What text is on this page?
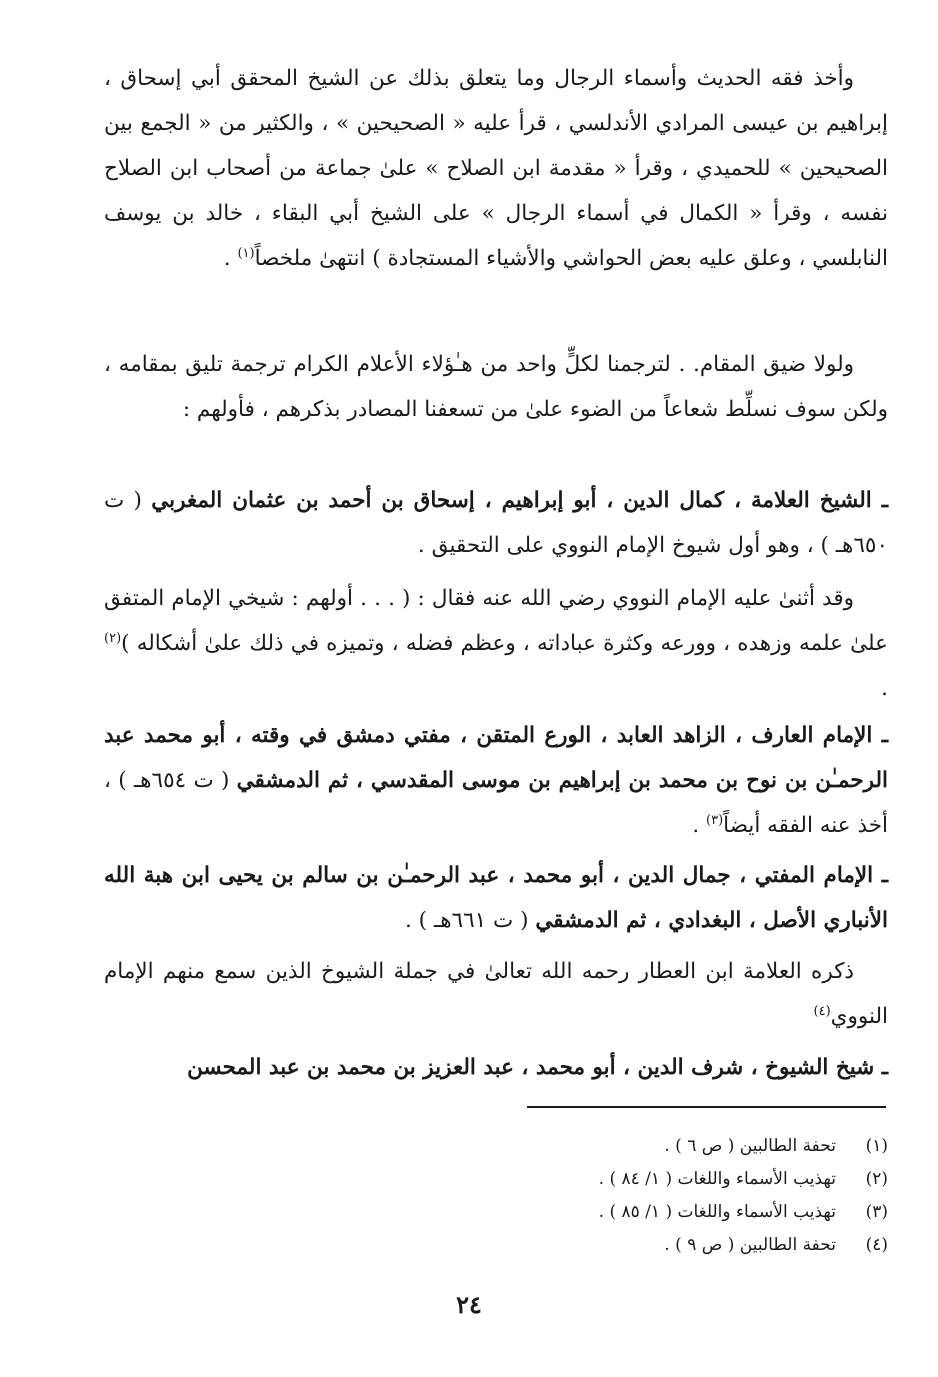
وأخذ فقه الحديث وأسماء الرجال وما يتعلق بذلك عن الشيخ المحقق أبي إسحاق ، إبراهيم بن عيسى المرادي الأندلسي ، قرأ عليه « الصحيحين » ، والكثير من « الجمع بين الصحيحين » للحميدي ، وقرأ « مقدمة ابن الصلاح » علىٰ جماعة من أصحاب ابن الصلاح نفسه ، وقرأ « الكمال في أسماء الرجال » على الشيخ أبي البقاء ، خالد بن يوسف النابلسي ، وعلق عليه بعض الحواشي والأشياء المستجادة ) انتهىٰ ملخصاً$^{(١)}$ .

ولولا ضيق المقام. . لترجمنا لكلٍّ واحد من هـٰؤلاء الأعلام الكرام ترجمة تليق بمقامه ، ولكن سوف نسلِّط شعاعاً من الضوء علىٰ من تسعفنا المصادر بذكرهم ، فأولهم :

ـ الشيخ العلامة ، كمال الدين ، أبو إبراهيم ، إسحاق بن أحمد بن عثمان المغربي ( ت ٦٥٠هـ ) ، وهو أول شيوخ الإمام النووي على التحقيق .

وقد أثنىٰ عليه الإمام النووي رضي الله عنه فقال : ( . . . أولهم : شيخي الإمام المتفق علىٰ علمه وزهده ، وورعه وكثرة عباداته ، وعظم فضله ، وتميزه في ذلك علىٰ أشكاله )$^{(٢)}$ .

ـ الإمام العارف ، الزاهد العابد ، الورع المتقن ، مفتي دمشق في وقته ، أبو محمد عبد الرحمـٰن بن نوح بن محمد بن إبراهيم بن موسى المقدسي ، ثم الدمشقي ( ت ٦٥٤هـ ) ، أخذ عنه الفقه أيضاً$^{(٣)}$ .

ـ الإمام المفتي ، جمال الدين ، أبو محمد ، عبد الرحمـٰن بن سالم بن يحيى ابن هبة الله الأنباري الأصل ، البغدادي ، ثم الدمشقي ( ت ٦٦١هـ ) .

ذكره العلامة ابن العطار رحمه الله تعالىٰ في جملة الشيوخ الذين سمع منهم الإمام النووي$^{(٤)}$

ـ شيخ الشيوخ ، شرف الدين ، أبو محمد ، عبد العزيز بن محمد بن عبد المحسن

(١)
تحفة الطالبين ( ص ٦ ) .
(٢)
تهذيب الأسماء واللغات ( ١/ ٨٤ ) .
(٣)
تهذيب الأسماء واللغات ( ١/ ٨٥ ) .
(٤)
تحفة الطالبين ( ص ٩ ) .
٢٤
